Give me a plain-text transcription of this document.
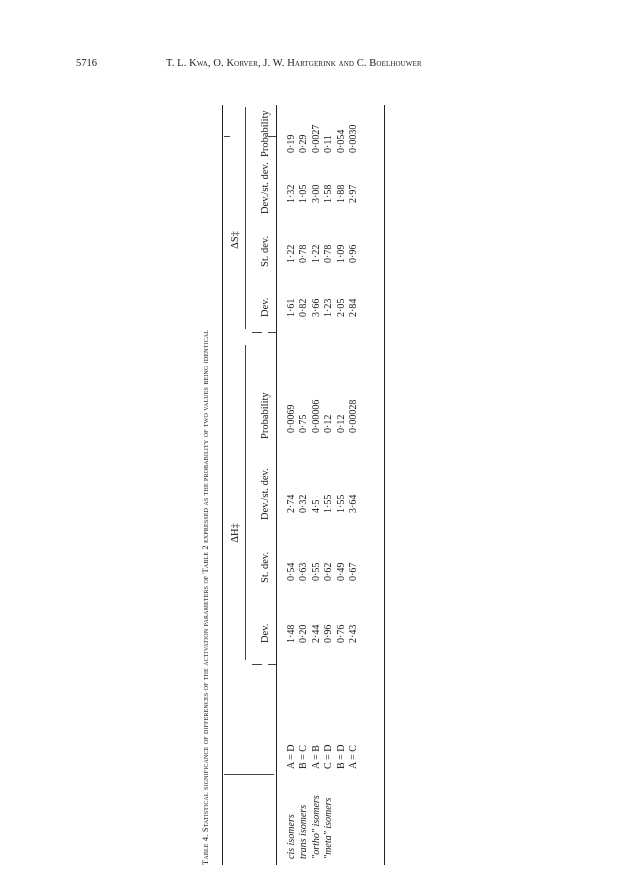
5716	T. L. Kwa, O. Korver, J. W. Hartgerink and C. Boelhouwer
Table 4. Statistical significance of differences of the activation parameters of Table 2 expressed as the probability of two values being identical ΔH‡
ΔS‡
Dev.
St. dev.
Dev./st. dev.
Probability
Dev.
St. dev.
Dev./st. dev.
Probability
cis isomers trans isomers "ortho" isomers "meta" isomers
A = D B = C A = B C = D B = D A = C
1·48 0·20 2·44 0·96 0·76 2·43
0·54 0·63 0·55 0·62 0·49 0·67
2·74 0·32 4·5 1·55 1·55 3·64
0·0069 0·75 0·00006 0·12 0·12 0·00028
1·61 0·82 3·66 1·23 2·05 2·84
1·22 0·78 1·22 0·78 1·09 0·96
1·32 1·05 3·00 1·58 1·88 2·97
0·19 0·29 0·0027 0·11 0·054 0·0030
